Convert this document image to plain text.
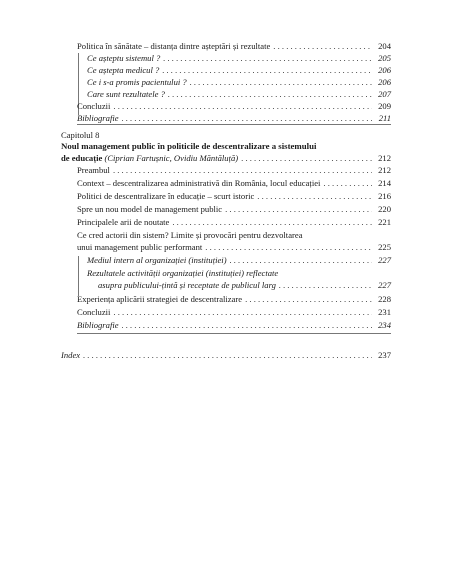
Politica în sănătate – distanța dintre așteptări și rezultate . . .	204
Ce așteptu sistemul ? . . .	205
Ce aștepta medicul ? . . .	206
Ce i s-a promis pacientului ? . . .	206
Care sunt rezultatele ? . . .	207
Concluzii . . .	209
Bibliografie . . .	211
Capitolul 8
Noul management public în politicile de descentralizare a sistemului
de educație (Ciprian Fartușnic, Ovidiu Măntăluță) . . .	212
Preambul . . .	212
Context – descentralizarea administrativă din România, locul educației . . .	214
Politici de descentralizare în educație – scurt istoric . . .	216
Spre un nou model de management public . . .	220
Principalele arii de noutate . . .	221
Ce cred actorii din sistem? Limite și provocări pentru dezvoltarea
unui management public performant . . .	225
Mediul intern al organizației (instituției) . . .	227
Rezultatele activității organizației (instituției) reflectate
asupra publicului-țintă și receptate de publicul larg . . .	227
Experiența aplicării strategiei de descentralizare . . .	228
Concluzii . . .	231
Bibliografie . . .	234
Index . . .	237
